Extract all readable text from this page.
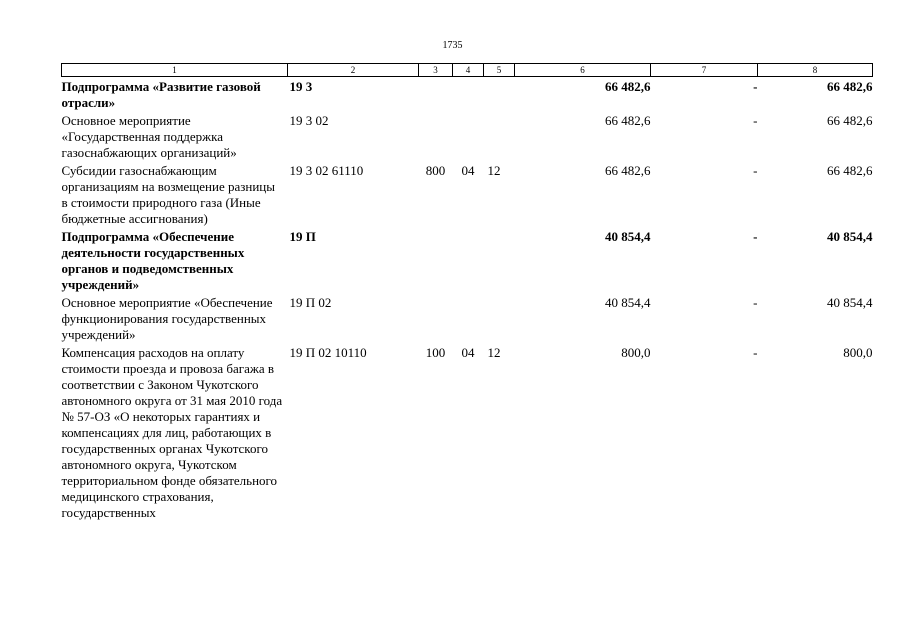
1735
1	2	3	4	5	6	7	8
Подпрограмма «Развитие газовой отрасли»	19 3				66 482,6	-	66 482,6
Основное мероприятие «Государственная поддержка газоснабжающих организаций»	19 3 02				66 482,6	-	66 482,6
Субсидии газоснабжающим организациям на возмещение разницы в стоимости природного газа (Иные бюджетные ассигнования)	19 3 02 61110	800	04	12	66 482,6	-	66 482,6
Подпрограмма «Обеспечение деятельности государственных органов и подведомственных учреждений»	19 П				40 854,4	-	40 854,4
Основное мероприятие «Обеспечение функционирования государственных учреждений»	19 П 02				40 854,4	-	40 854,4
Компенсация расходов на оплату стоимости проезда и провоза багажа в соответствии с Законом Чукотского автономного округа от 31 мая 2010 года № 57-ОЗ «О некоторых гарантиях и компенсациях для лиц, работающих в государственных органах Чукотского автономного округа, Чукотском территориальном фонде обязательного медицинского страхования, государственных	19 П 02 10110	100	04	12	800,0	-	800,0
